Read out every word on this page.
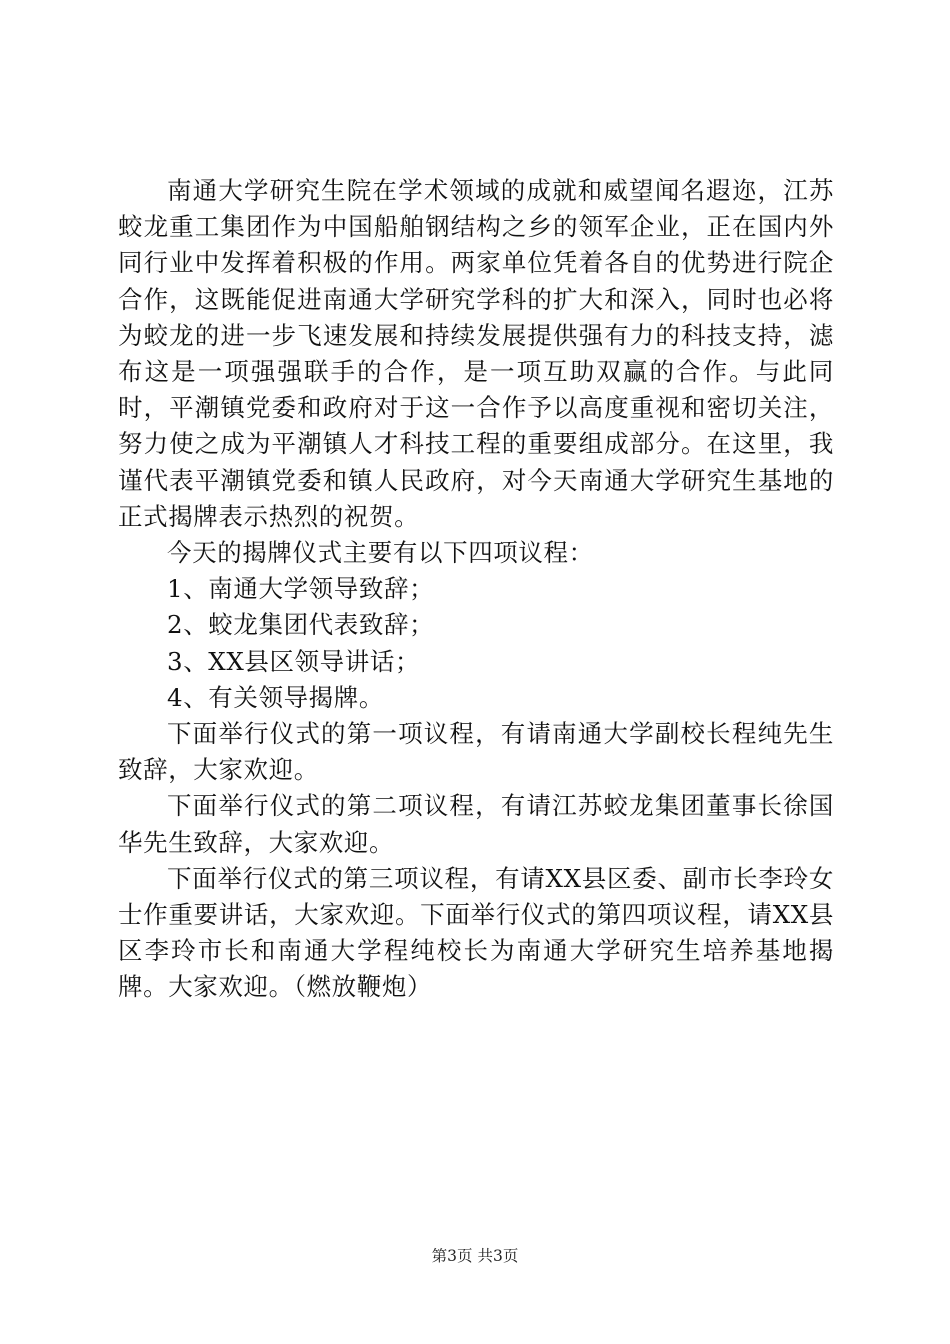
南通大学研究生院在学术领域的成就和威望闻名遐迩，江苏蛟龙重工集团作为中国船舶钢结构之乡的领军企业，正在国内外同行业中发挥着积极的作用。两家单位凭着各自的优势进行院企合作，这既能促进南通大学研究学科的扩大和深入，同时也必将为蛟龙的进一步飞速发展和持续发展提供强有力的科技支持，滤布这是一项强强联手的合作，是一项互助双赢的合作。与此同时，平潮镇党委和政府对于这一合作予以高度重视和密切关注，努力使之成为平潮镇人才科技工程的重要组成部分。在这里，我谨代表平潮镇党委和镇人民政府，对今天南通大学研究生基地的正式揭牌表示热烈的祝贺。

今天的揭牌仪式主要有以下四项议程：

1、南通大学领导致辞；

2、蛟龙集团代表致辞；

3、XX县区领导讲话；

4、有关领导揭牌。

下面举行仪式的第一项议程，有请南通大学副校长程纯先生致辞，大家欢迎。

下面举行仪式的第二项议程，有请江苏蛟龙集团董事长徐国华先生致辞，大家欢迎。

下面举行仪式的第三项议程，有请XX县区委、副市长李玲女士作重要讲话，大家欢迎。下面举行仪式的第四项议程，请XX县区李玲市长和南通大学程纯校长为南通大学研究生培养基地揭牌。大家欢迎。（燃放鞭炮）

第3页 共3页
